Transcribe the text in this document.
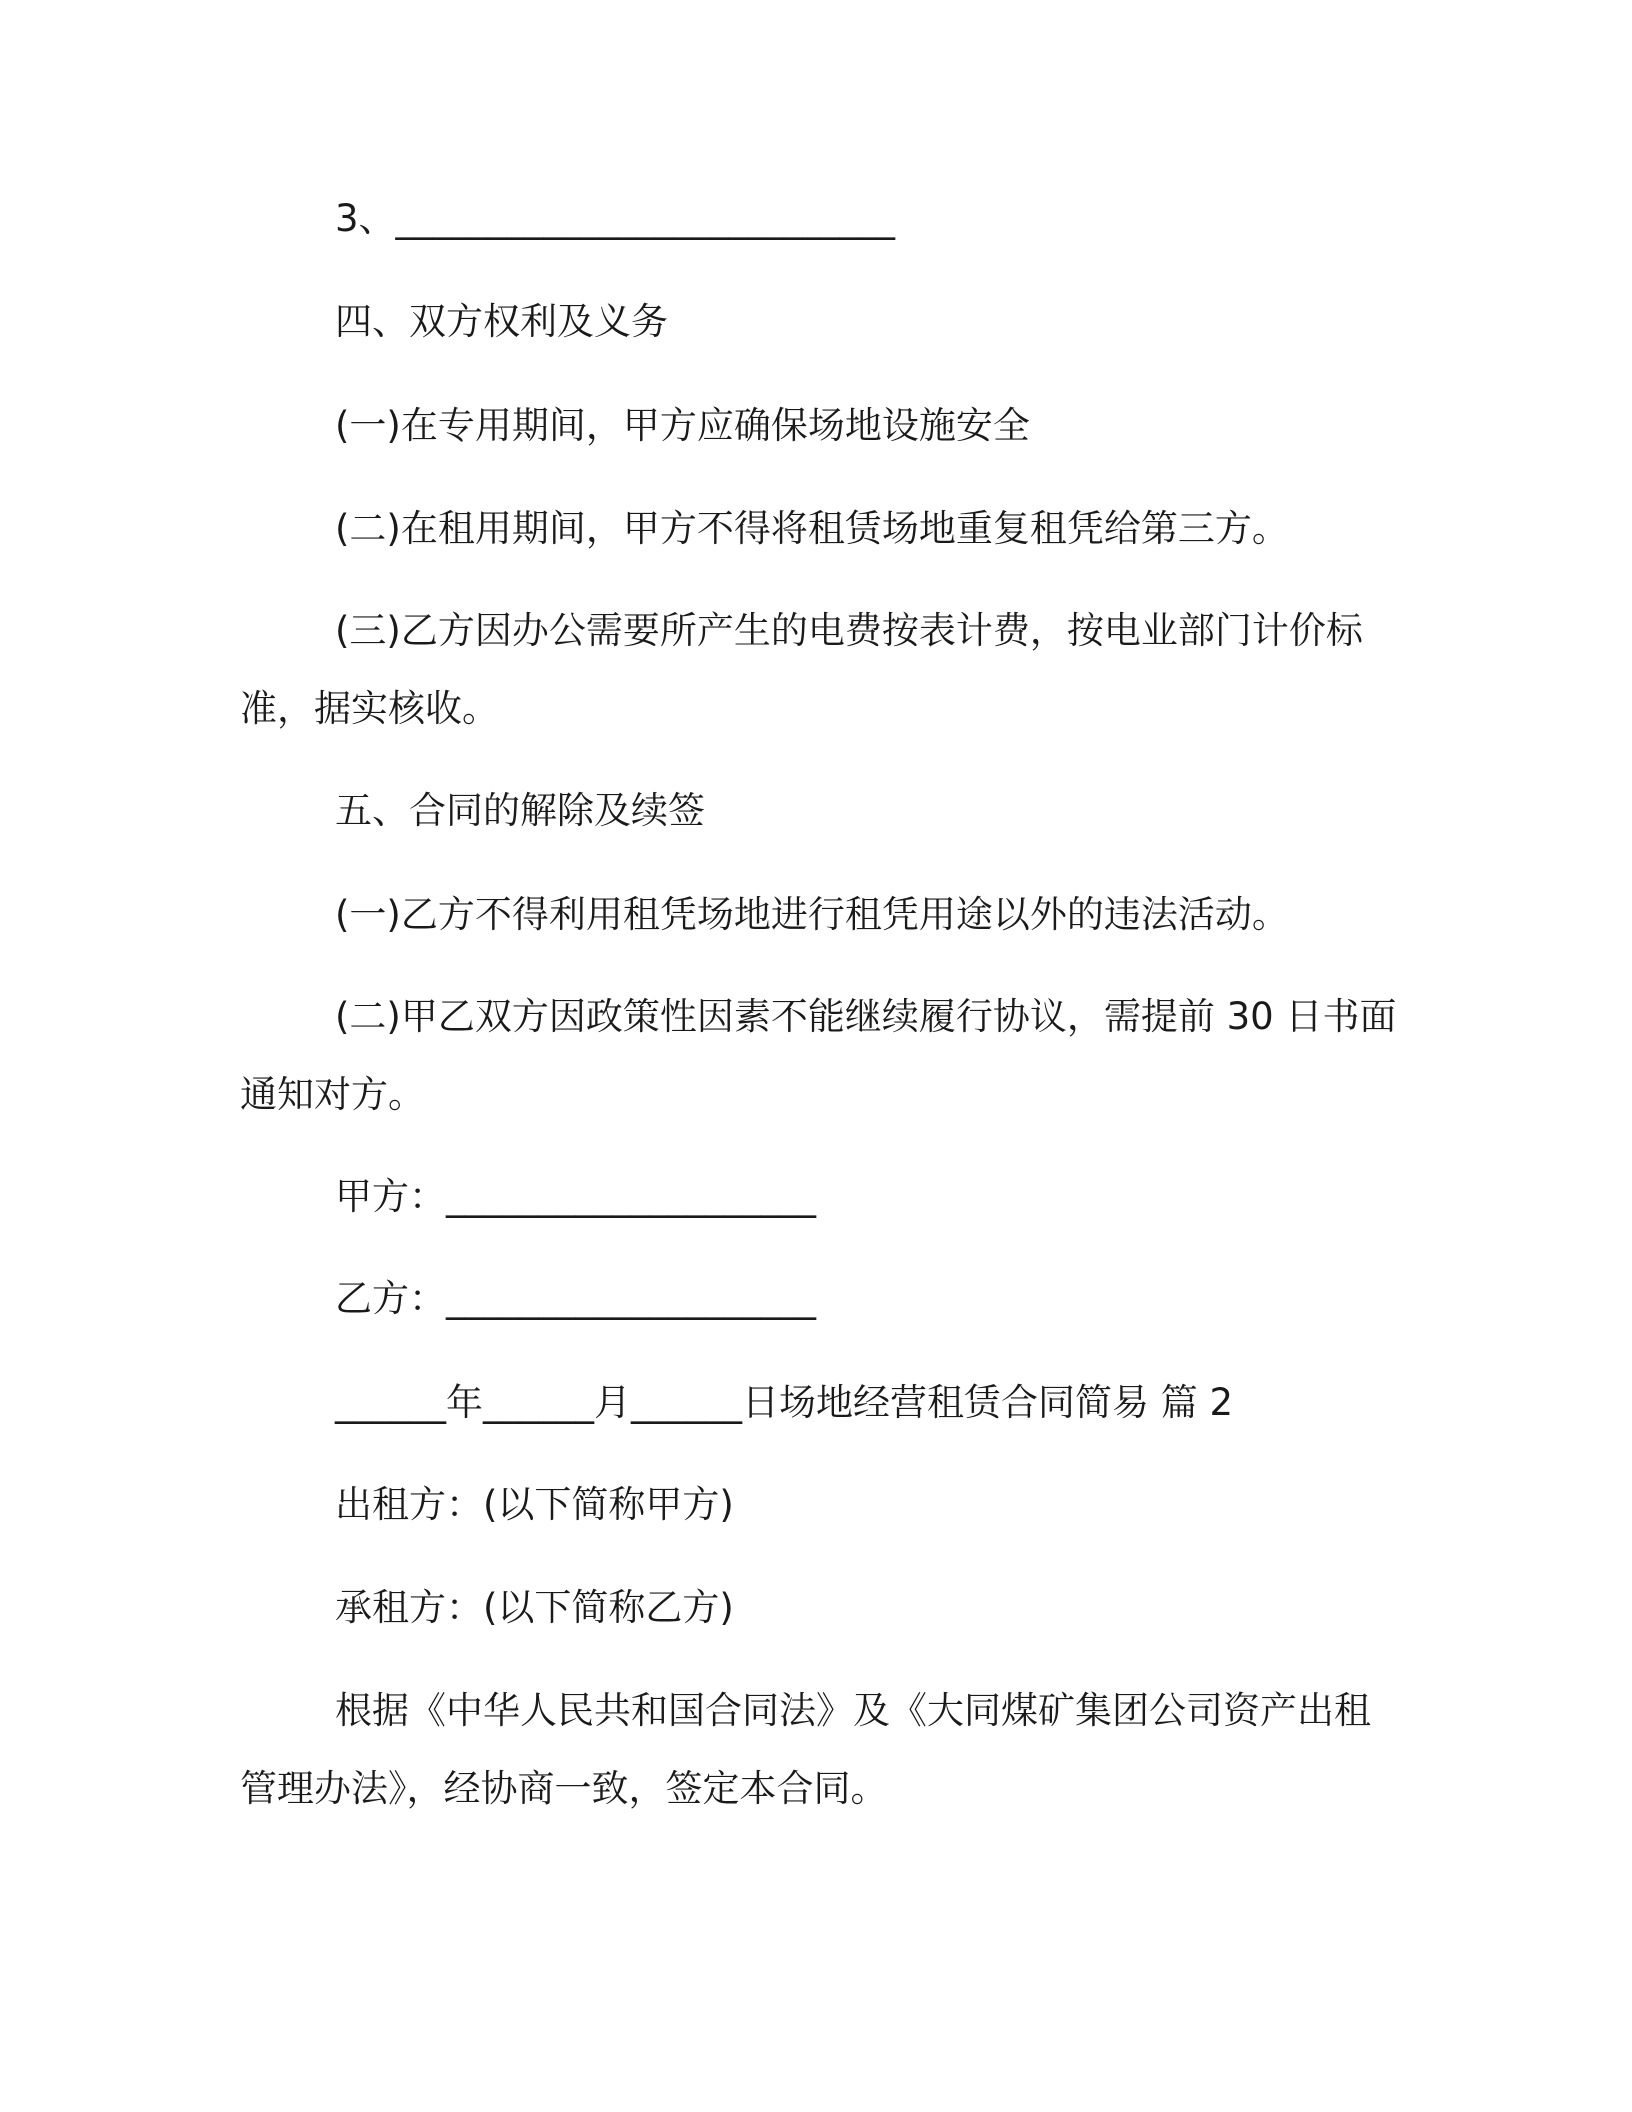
3、___________________________

四、双方权利及义务

(一)在专用期间，甲方应确保场地设施安全

(二)在租用期间，甲方不得将租赁场地重复租凭给第三方。

(三)乙方因办公需要所产生的电费按表计费，按电业部门计价标准，据实核收。

五、合同的解除及续签

(一)乙方不得利用租凭场地进行租凭用途以外的违法活动。

(二)甲乙双方因政策性因素不能继续履行协议，需提前 30 日书面通知对方。

甲方：____________________

乙方：____________________

______年______月______日场地经营租赁合同简易 篇 2

出租方：(以下简称甲方)

承租方：(以下简称乙方)

根据《中华人民共和国合同法》及《大同煤矿集团公司资产出租管理办法》，经协商一致，签定本合同。
